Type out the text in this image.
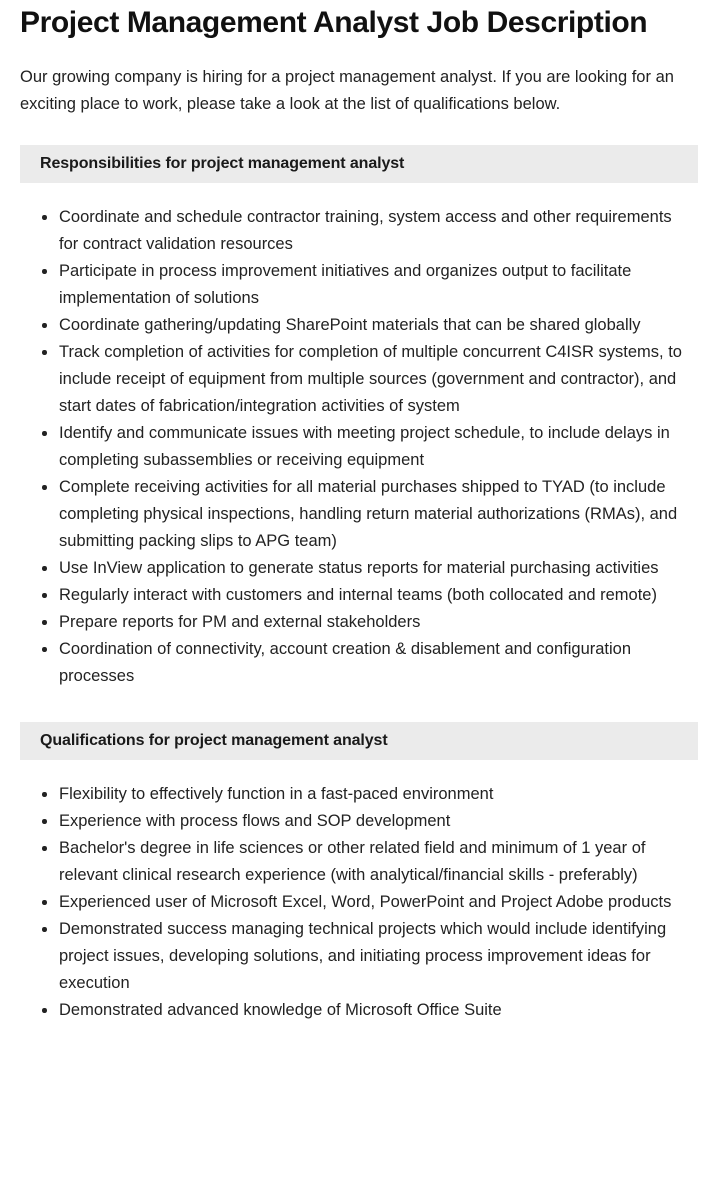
Project Management Analyst Job Description

Our growing company is hiring for a project management analyst. If you are looking for an exciting place to work, please take a look at the list of qualifications below.

Responsibilities for project management analyst
Coordinate and schedule contractor training, system access and other requirements for contract validation resources
Participate in process improvement initiatives and organizes output to facilitate implementation of solutions
Coordinate gathering/updating SharePoint materials that can be shared globally
Track completion of activities for completion of multiple concurrent C4ISR systems, to include receipt of equipment from multiple sources (government and contractor), and start dates of fabrication/integration activities of system
Identify and communicate issues with meeting project schedule, to include delays in completing subassemblies or receiving equipment
Complete receiving activities for all material purchases shipped to TYAD (to include completing physical inspections, handling return material authorizations (RMAs), and submitting packing slips to APG team)
Use InView application to generate status reports for material purchasing activities
Regularly interact with customers and internal teams (both collocated and remote)
Prepare reports for PM and external stakeholders
Coordination of connectivity, account creation & disablement and configuration processes
Qualifications for project management analyst
Flexibility to effectively function in a fast-paced environment
Experience with process flows and SOP development
Bachelor's degree in life sciences or other related field and minimum of 1 year of relevant clinical research experience (with analytical/financial skills - preferably)
Experienced user of Microsoft Excel, Word, PowerPoint and Project Adobe products
Demonstrated success managing technical projects which would include identifying project issues, developing solutions, and initiating process improvement ideas for execution
Demonstrated advanced knowledge of Microsoft Office Suite
